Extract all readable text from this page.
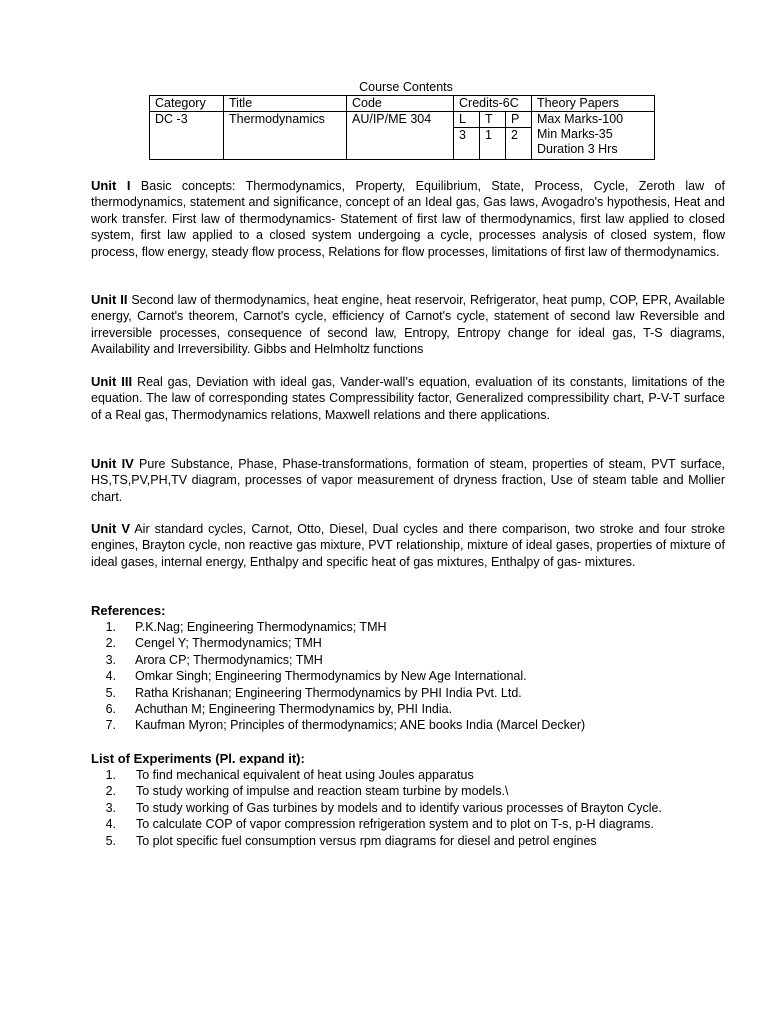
Course Contents
Category	Title	Code	Credits-6C			Theory Papers
DC -3	Thermodynamics	AU/IP/ME 304	L	T	P	Max Marks-100
Min Marks-35
Duration 3 Hrs

			3	1	2	
Unit I Basic concepts: Thermodynamics, Property, Equilibrium, State, Process, Cycle, Zeroth law of thermodynamics, statement and significance, concept of an Ideal gas, Gas laws, Avogadro's hypothesis, Heat and work transfer. First law of thermodynamics- Statement of first law of thermodynamics, first law applied to closed system, first law applied to a closed system undergoing a cycle, processes analysis of closed system, flow process, flow energy, steady flow process, Relations for flow processes, limitations of first law of thermodynamics.
Unit II Second law of thermodynamics, heat engine, heat reservoir, Refrigerator, heat pump, COP, EPR, Available energy, Carnot's theorem, Carnot's cycle, efficiency of Carnot's cycle, statement of second law Reversible and irreversible processes, consequence of second law, Entropy, Entropy change for ideal gas, T-S diagrams, Availability and Irreversibility. Gibbs and Helmholtz functions
Unit III Real gas, Deviation with ideal gas, Vander-wall’s equation, evaluation of its constants, limitations of the equation. The law of corresponding states Compressibility factor, Generalized compressibility chart, P-V-T surface of a Real gas, Thermodynamics relations, Maxwell relations and there applications.
Unit IV Pure Substance, Phase, Phase-transformations, formation of steam, properties of steam, PVT surface, HS,TS,PV,PH,TV diagram, processes of vapor measurement of dryness fraction, Use of steam table and Mollier chart.
Unit V Air standard cycles, Carnot, Otto, Diesel, Dual cycles and there comparison, two stroke and four stroke engines, Brayton cycle, non reactive gas mixture, PVT relationship, mixture of ideal gases, properties of mixture of ideal gases, internal energy, Enthalpy and specific heat of gas mixtures, Enthalpy of gas- mixtures.
References:
1. P.K.Nag; Engineering Thermodynamics; TMH
2. Cengel Y; Thermodynamics; TMH
3. Arora CP; Thermodynamics; TMH
4. Omkar Singh; Engineering Thermodynamics by New Age International.
5. Ratha Krishanan; Engineering Thermodynamics by PHI India Pvt. Ltd.
6. Achuthan M; Engineering Thermodynamics by, PHI India.
7. Kaufman Myron; Principles of thermodynamics; ANE books India (Marcel Decker)
List of Experiments (Pl. expand it):
1. To find mechanical equivalent of heat using Joules apparatus
2. To study working of impulse and reaction steam turbine by models.\
3. To study working of Gas turbines by models and to identify various processes of Brayton Cycle.
4. To calculate COP of vapor compression refrigeration system and to plot on T-s, p-H diagrams.
5. To plot specific fuel consumption versus rpm diagrams for diesel and petrol engines
